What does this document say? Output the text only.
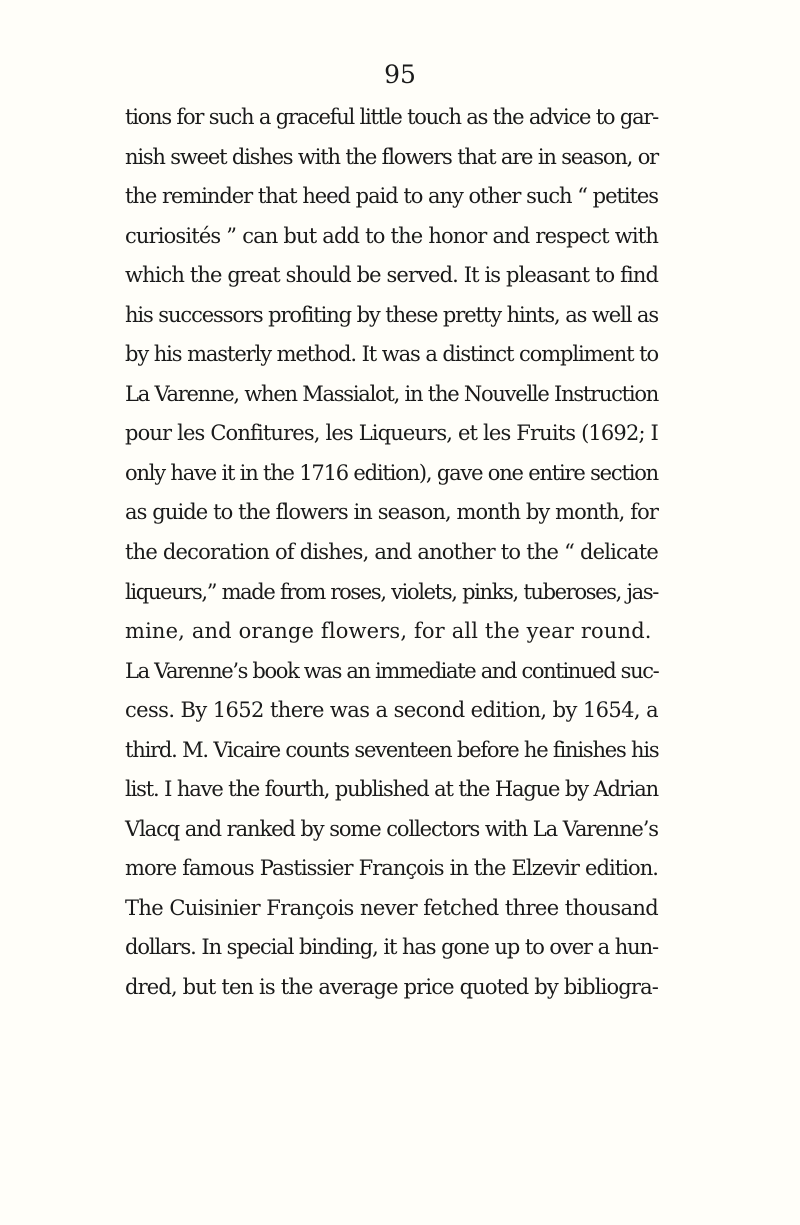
95
tions for such a graceful little touch as the advice to gar-
nish sweet dishes with the flowers that are in season, or
the reminder that heed paid to any other such “ petites
curiosités ” can but add to the honor and respect with
which the great should be served. It is pleasant to find
his successors profiting by these pretty hints, as well as
by his masterly method. It was a distinct compliment to
La Varenne, when Massialot, in the Nouvelle Instruction
pour les Confitures, les Liqueurs, et les Fruits (1692; I
only have it in the 1716 edition), gave one entire section
as guide to the flowers in season, month by month, for
the decoration of dishes, and another to the “ delicate
liqueurs,” made from roses, violets, pinks, tuberoses, jas-
mine, and orange flowers, for all the year round.
La Varenne’s book was an immediate and continued suc-
cess. By 1652 there was a second edition, by 1654, a
third. M. Vicaire counts seventeen before he finishes his
list. I have the fourth, published at the Hague by Adrian
Vlacq and ranked by some collectors with La Varenne’s
more famous Pastissier François in the Elzevir edition.
The Cuisinier François never fetched three thousand
dollars. In special binding, it has gone up to over a hun-
dred, but ten is the average price quoted by bibliogra-
